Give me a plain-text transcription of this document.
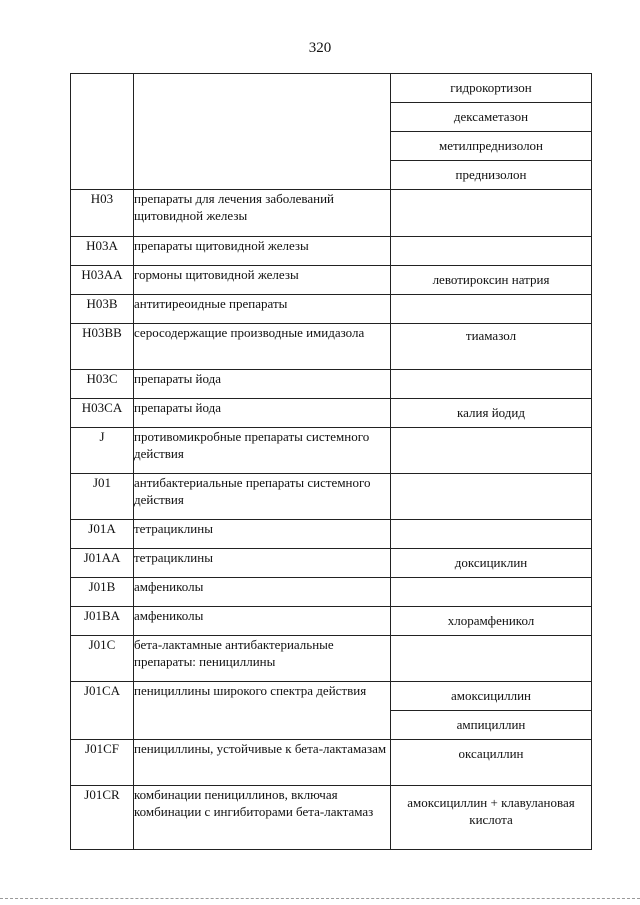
320

		гидрокортизон
дексаметазон
метилпреднизолон
преднизолон

H03	препараты для лечения заболеваний щитовидной железы	
H03A	препараты щитовидной железы	
H03AA	гормоны щитовидной железы	левотироксин натрия

H03B	антитиреоидные препараты	
H03BB	серосодержащие производные имидазола	тиамазол

H03C	препараты йода	
H03CA	препараты йода	калия йодид

J	противомикробные препараты системного действия	
J01	антибактериальные препараты системного действия	
J01A	тетрациклины	
J01AA	тетрациклины	доксициклин

J01B	амфениколы	
J01BA	амфениколы	хлорамфеникол

J01C	бета-лактамные антибактериальные препараты: пенициллины	
J01CA	пенициллины широкого спектра действия	амоксициллин
ампициллин

J01CF	пенициллины, устойчивые к бета-лактамазам	оксациллин

J01CR	комбинации пенициллинов, включая комбинации с ингибиторами бета-лактамаз	амоксициллин + клавулановая кислота
